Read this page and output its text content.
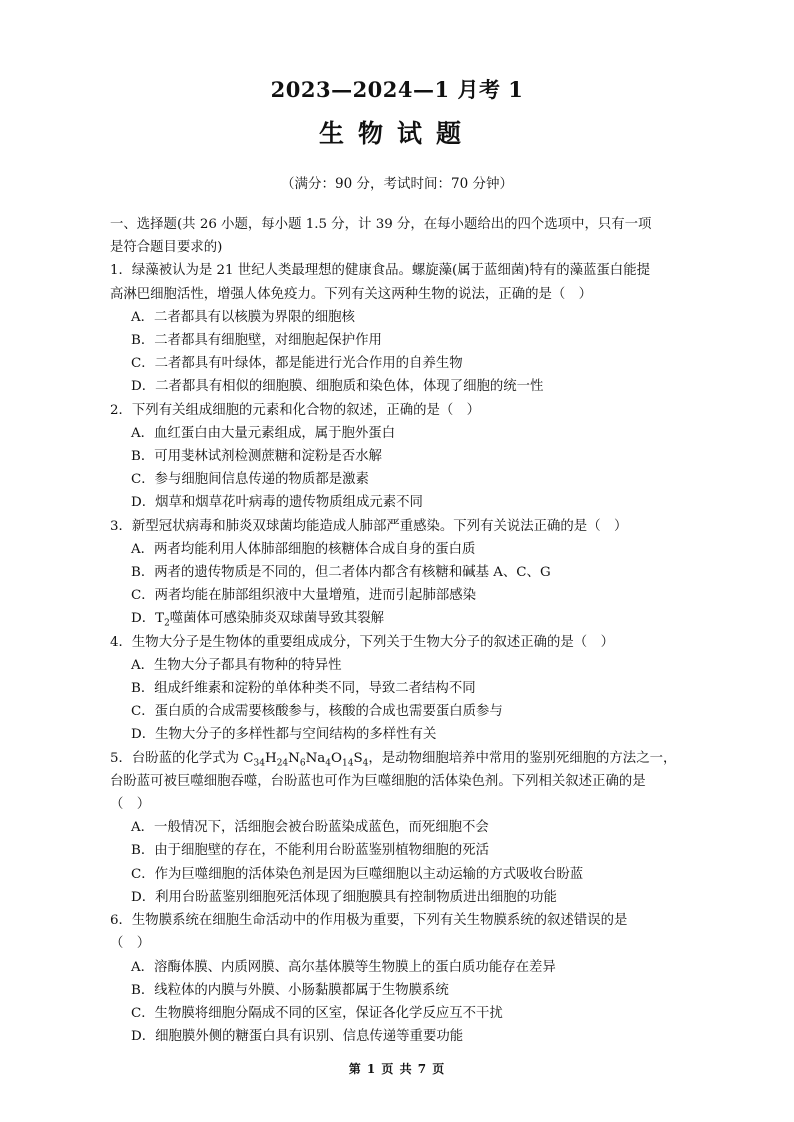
2023—2024—1 月考 1
生物试题
（满分：90 分，考试时间：70 分钟）
一、选择题(共 26 小题，每小题 1.5 分，计 39 分，在每小题给出的四个选项中，只有一项
是符合题目要求的)
1．绿藻被认为是 21 世纪人类最理想的健康食品。螺旋藻(属于蓝细菌)特有的藻蓝蛋白能提
高淋巴细胞活性，增强人体免疫力。下列有关这两种生物的说法，正确的是（　）
A．二者都具有以核膜为界限的细胞核
B．二者都具有细胞壁，对细胞起保护作用
C．二者都具有叶绿体，都是能进行光合作用的自养生物
D．二者都具有相似的细胞膜、细胞质和染色体，体现了细胞的统一性
2．下列有关组成细胞的元素和化合物的叙述，正确的是（　）
A．血红蛋白由大量元素组成，属于胞外蛋白
B．可用斐林试剂检测蔗糖和淀粉是否水解
C．参与细胞间信息传递的物质都是激素
D．烟草和烟草花叶病毒的遗传物质组成元素不同
3．新型冠状病毒和肺炎双球菌均能造成人肺部严重感染。下列有关说法正确的是（　）
A．两者均能利用人体肺部细胞的核糖体合成自身的蛋白质
B．两者的遗传物质是不同的，但二者体内都含有核糖和碱基 A、C、G
C．两者均能在肺部组织液中大量增殖，进而引起肺部感染
D．$T_2$噬菌体可感染肺炎双球菌导致其裂解
4．生物大分子是生物体的重要组成成分，下列关于生物大分子的叙述正确的是（　）
A．生物大分子都具有物种的特异性
B．组成纤维素和淀粉的单体种类不同，导致二者结构不同
C．蛋白质的合成需要核酸参与，核酸的合成也需要蛋白质参与
D．生物大分子的多样性都与空间结构的多样性有关
5．台盼蓝的化学式为 $C_{34}H_{24}N_6Na_4O_{14}S_4$，是动物细胞培养中常用的鉴别死细胞的方法之一，
台盼蓝可被巨噬细胞吞噬，台盼蓝也可作为巨噬细胞的活体染色剂。下列相关叙述正确的是
（　）
A．一般情况下，活细胞会被台盼蓝染成蓝色，而死细胞不会
B．由于细胞壁的存在，不能利用台盼蓝鉴别植物细胞的死活
C．作为巨噬细胞的活体染色剂是因为巨噬细胞以主动运输的方式吸收台盼蓝
D．利用台盼蓝鉴别细胞死活体现了细胞膜具有控制物质进出细胞的功能
6．生物膜系统在细胞生命活动中的作用极为重要，下列有关生物膜系统的叙述错误的是
（　）
A．溶酶体膜、内质网膜、高尔基体膜等生物膜上的蛋白质功能存在差异
B．线粒体的内膜与外膜、小肠黏膜都属于生物膜系统
C．生物膜将细胞分隔成不同的区室，保证各化学反应互不干扰
D．细胞膜外侧的糖蛋白具有识别、信息传递等重要功能
第 1 页 共 7 页
